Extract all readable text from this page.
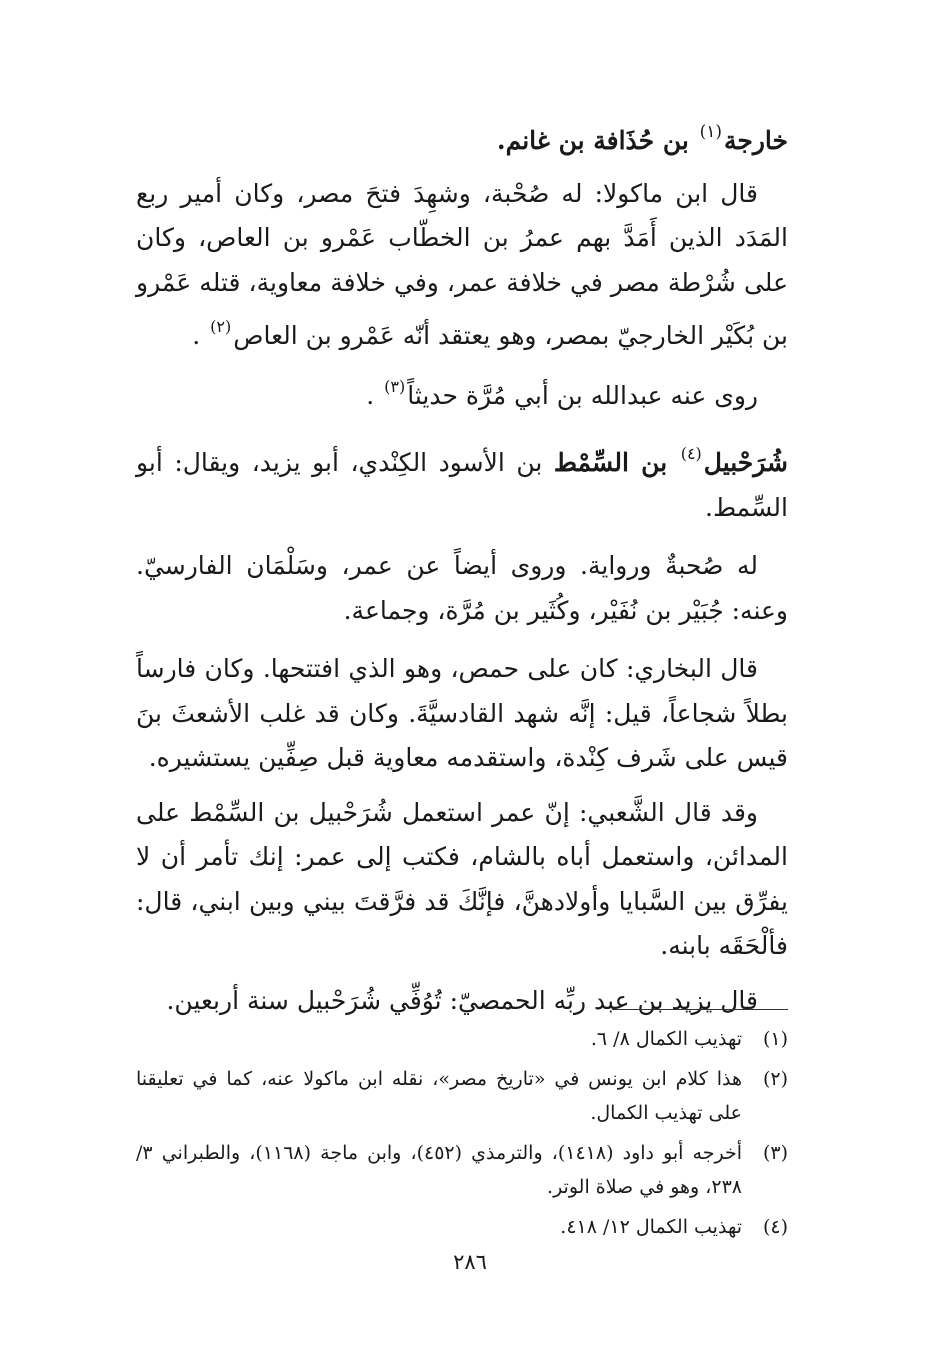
خارجة$^{(١)}$ بن حُذَافة بن غانم.

قال ابن ماكولا: له صُحْبة، وشهِدَ فتحَ مصر، وكان أمير ربع المَدَد الذين أَمَدَّ بهم عمرُ بن الخطّاب عَمْرو بن العاص، وكان على شُرْطة مصر في خلافة عمر، وفي خلافة معاوية، قتله عَمْرو بن بُكَيْر الخارجيّ بمصر، وهو يعتقد أنّه عَمْرو بن العاص$^{(٢)}$ .

روى عنه عبدالله بن أبي مُرَّة حديثاً$^{(٣)}$ .

شُرَحْبيل$^{(٤)}$ بن السِّمْط بن الأسود الكِنْدي، أبو يزيد، ويقال: أبو السِّمط.

له صُحبةٌ ورواية. وروى أيضاً عن عمر، وسَلْمَان الفارسيّ. وعنه: جُبَيْر بن نُفَيْر، وكُثَير بن مُرَّة، وجماعة.

قال البخاري: كان على حمص، وهو الذي افتتحها. وكان فارساً بطلاً شجاعاً، قيل: إنَّه شهد القادسيَّةَ. وكان قد غلب الأشعثَ بنَ قيس على شَرف كِنْدة، واستقدمه معاوية قبل صِفِّين يستشيره.

وقد قال الشَّعبي: إنّ عمر استعمل شُرَحْبيل بن السِّمْط على المدائن، واستعمل أباه بالشام، فكتب إلى عمر: إنك تأمر أن لا يفرِّق بين السَّبايا وأولادهنَّ، فإنَّكَ قد فرَّقتَ بيني وبين ابني، قال: فألْحَقَه بابنه.

قال يزيد بن عبد ربِّه الحمصيّ: تُوُفِّي شُرَحْبيل سنة أربعين.

(١)
تهذيب الكمال ٨/ ٦.
(٢)
هذا كلام ابن يونس في «تاريخ مصر»، نقله ابن ماكولا عنه، كما في تعليقنا على تهذيب الكمال.
(٣)
أخرجه أبو داود (١٤١٨)، والترمذي (٤٥٢)، وابن ماجة (١١٦٨)، والطبراني ٣/ ٢٣٨، وهو في صلاة الوتر.
(٤)
تهذيب الكمال ١٢/ ٤١٨.
٢٨٦
